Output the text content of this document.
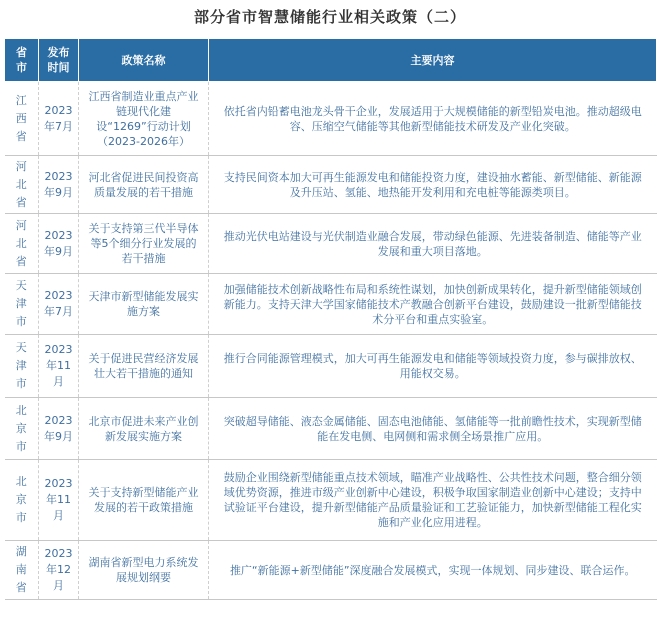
部分省市智慧储能行业相关政策（二）
省市	发布时间	政策名称	主要内容
江西省	2023年7月	江西省制造业重点产业链现代化建设“1269”行动计划（2023-2026年）	依托省内铅蓄电池龙头骨干企业，发展适用于大规模储能的新型铅炭电池。推动超级电容、压缩空气储能等其他新型储能技术研发及产业化突破。
河北省	2023年9月	河北省促进民间投资高质量发展的若干措施	支持民间资本加大可再生能源发电和储能投资力度，建设抽水蓄能、新型储能、新能源及升压站、氢能、地热能开发利用和充电桩等能源类项目。
河北省	2023年9月	关于支持第三代半导体等5个细分行业发展的若干措施	推动光伏电站建设与光伏制造业融合发展，带动绿色能源、先进装备制造、储能等产业发展和重大项目落地。
天津市	2023年7月	天津市新型储能发展实施方案	加强储能技术创新战略性布局和系统性谋划，加快创新成果转化，提升新型储能领域创新能力。支持天津大学国家储能技术产教融合创新平台建设，鼓励建设一批新型储能技术分平台和重点实验室。
天津市	2023年11月	关于促进民营经济发展壮大若干措施的通知	推行合同能源管理模式，加大可再生能源发电和储能等领域投资力度，参与碳排放权、用能权交易。
北京市	2023年9月	北京市促进未来产业创新发展实施方案	突破超导储能、液态金属储能、固态电池储能、氢储能等一批前瞻性技术，实现新型储能在发电侧、电网侧和需求侧全场景推广应用。
北京市	2023年11月	关于支持新型储能产业发展的若干政策措施	鼓励企业围绕新型储能重点技术领域，瞄准产业战略性、公共性技术问题，整合细分领域优势资源，推进市级产业创新中心建设，积极争取国家制造业创新中心建设；支持中试验证平台建设，提升新型储能产品质量验证和工艺验证能力，加快新型储能工程化实施和产业化应用进程。
湖南省	2023年12月	湖南省新型电力系统发展规划纲要	推广“新能源+新型储能”深度融合发展模式，实现一体规划、同步建设、联合运作。
